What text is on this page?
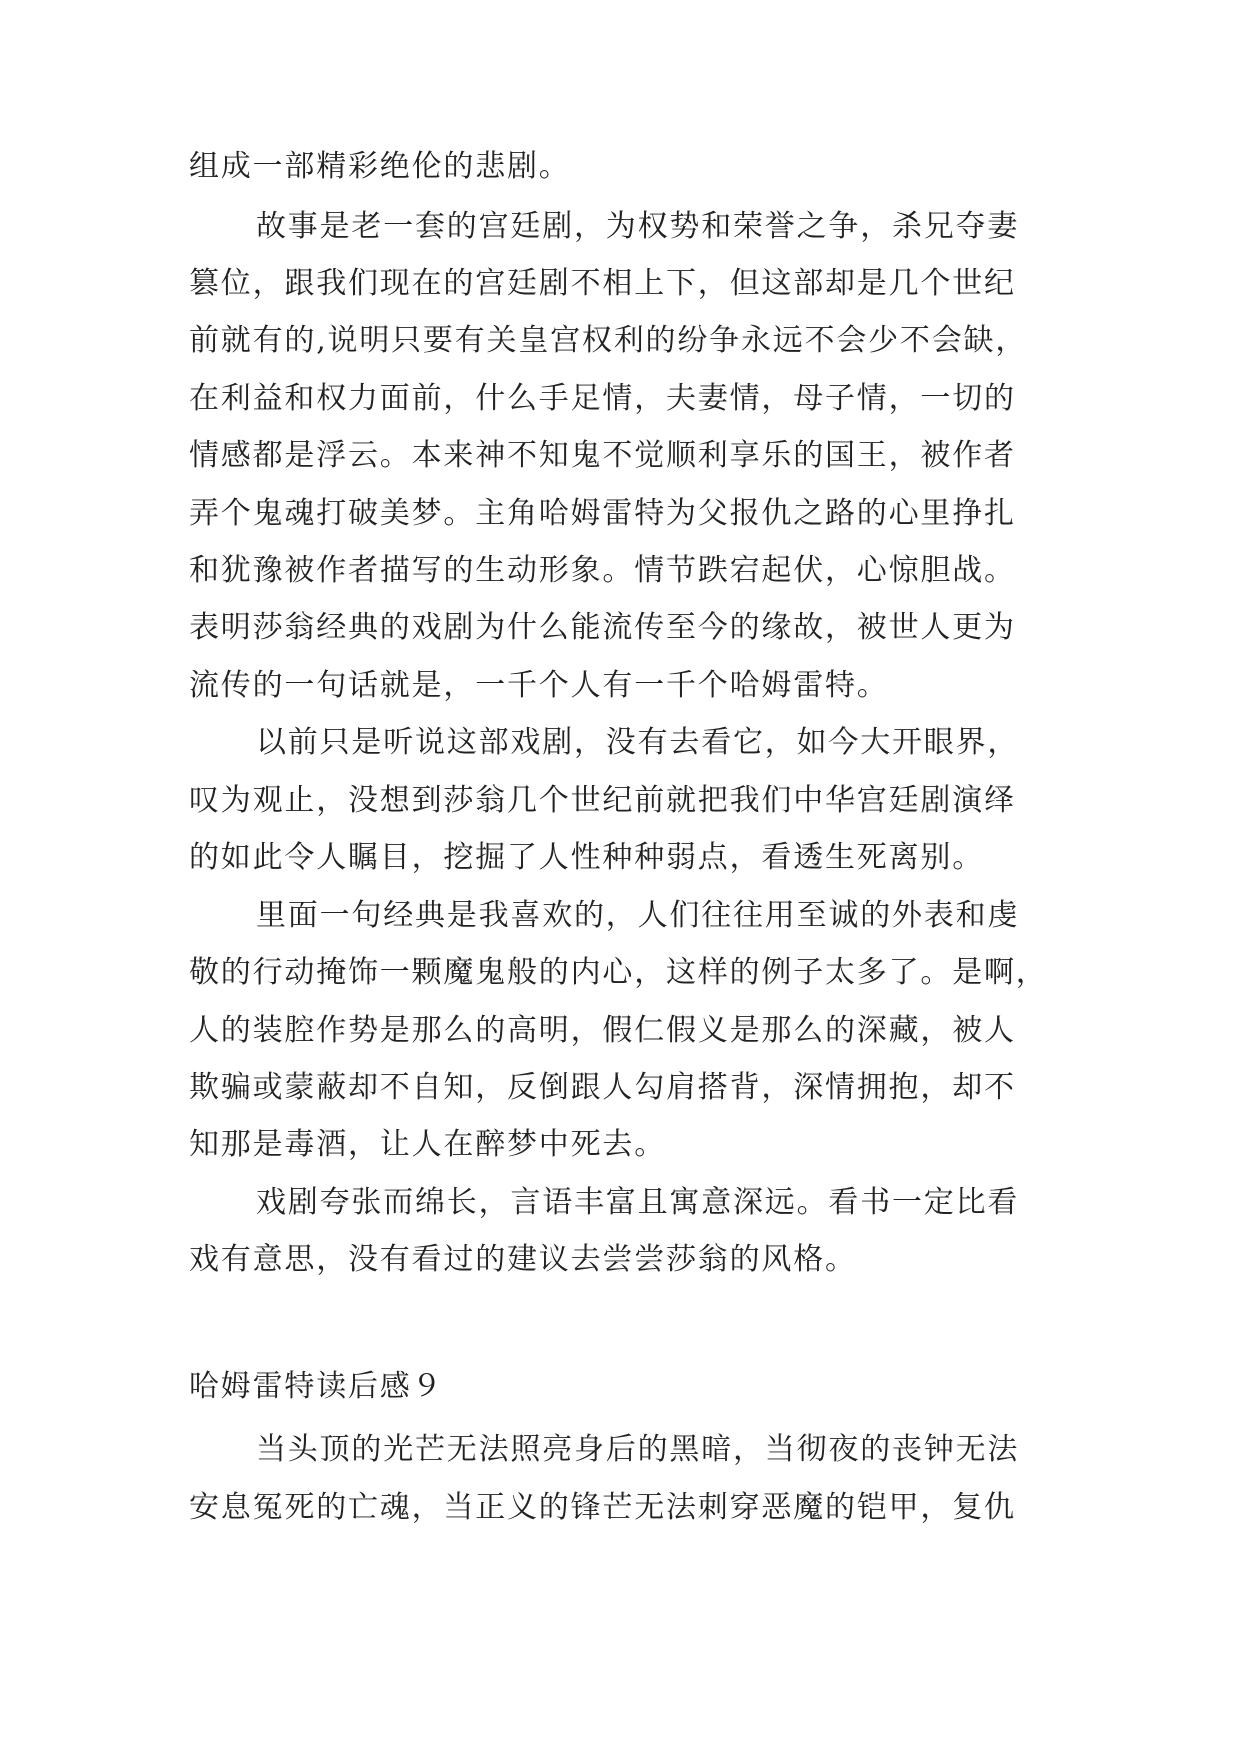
组成一部精彩绝伦的悲剧。
故事是老一套的宫廷剧，为权势和荣誉之争，杀兄夺妻
篡位，跟我们现在的宫廷剧不相上下，但这部却是几个世纪
前就有的,说明只要有关皇宫权利的纷争永远不会少不会缺，
在利益和权力面前，什么手足情，夫妻情，母子情，一切的
情感都是浮云。本来神不知鬼不觉顺利享乐的国王，被作者
弄个鬼魂打破美梦。主角哈姆雷特为父报仇之路的心里挣扎
和犹豫被作者描写的生动形象。情节跌宕起伏，心惊胆战。
表明莎翁经典的戏剧为什么能流传至今的缘故，被世人更为
流传的一句话就是，一千个人有一千个哈姆雷特。
以前只是听说这部戏剧，没有去看它，如今大开眼界，
叹为观止，没想到莎翁几个世纪前就把我们中华宫廷剧演绎
的如此令人瞩目，挖掘了人性种种弱点，看透生死离别。
里面一句经典是我喜欢的，人们往往用至诚的外表和虔
敬的行动掩饰一颗魔鬼般的内心，这样的例子太多了。是啊，
人的装腔作势是那么的高明，假仁假义是那么的深藏，被人
欺骗或蒙蔽却不自知，反倒跟人勾肩搭背，深情拥抱，却不
知那是毒酒，让人在醉梦中死去。
戏剧夸张而绵长，言语丰富且寓意深远。看书一定比看
戏有意思，没有看过的建议去尝尝莎翁的风格。
哈姆雷特读后感９
当头顶的光芒无法照亮身后的黑暗，当彻夜的丧钟无法
安息冤死的亡魂，当正义的锋芒无法刺穿恶魔的铠甲，复仇
